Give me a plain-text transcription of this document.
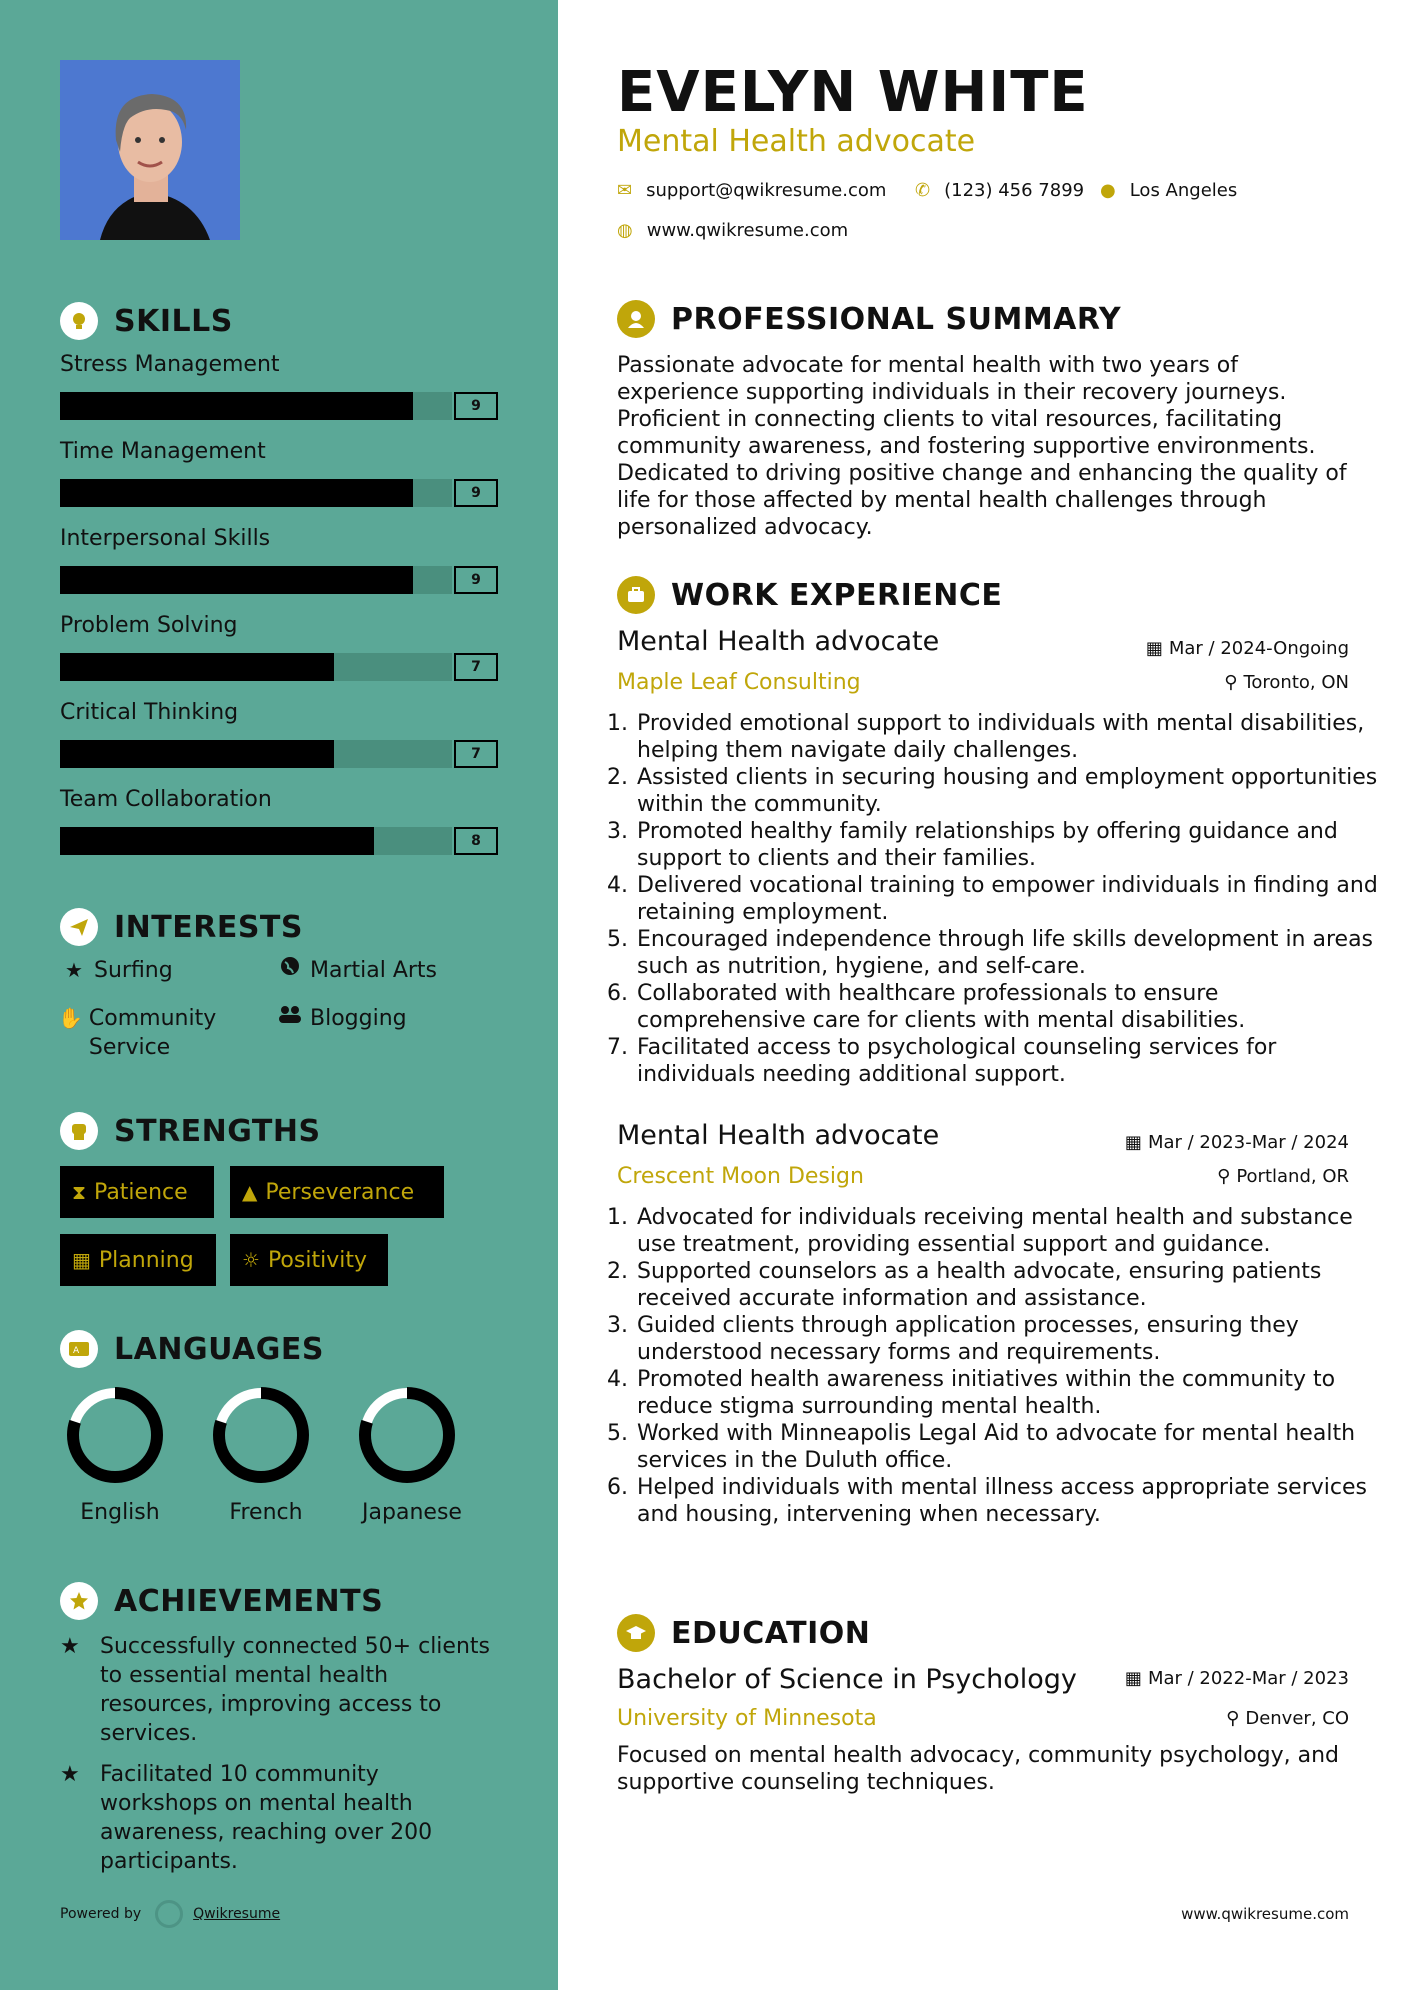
SKILLS
Stress Management
9
Time Management
9
Interpersonal Skills
9
Problem Solving
7
Critical Thinking
7
Team Collaboration
8
INTERESTS
★ Surfing	Martial Arts
✋ Community Service
Blogging
STRENGTHS
⧗ Patience	▲ Perseverance
▦ Planning ☼ Positivity
A LANGUAGES
English	French	Japanese
ACHIEVEMENTS
★ Successfully connected 50+ clients to essential mental health resources, improving access to services.
★ Facilitated 10 community workshops on mental health awareness, reaching over 200 participants.
Powered by	Qwikresume
EVELYN WHITE
Mental Health advocate
✉ support@qwikresume.com ✆ (123) 456 7899 ● Los Angeles
◍ www.qwikresume.com
PROFESSIONAL SUMMARY
Passionate advocate for mental health with two years of experience supporting individuals in their recovery journeys. Proficient in connecting clients to vital resources, facilitating community awareness, and fostering supportive environments. Dedicated to driving positive change and enhancing the quality of life for those affected by mental health challenges through personalized advocacy.
WORK EXPERIENCE
Mental Health advocate	▦ Mar / 2024-Ongoing
Maple Leaf Consulting	⚲ Toronto, ON
1. Provided emotional support to individuals with mental disabilities, helping them navigate daily challenges.
2. Assisted clients in securing housing and employment opportunities within the community.
3. Promoted healthy family relationships by offering guidance and support to clients and their families.
4. Delivered vocational training to empower individuals in finding and retaining employment.
5. Encouraged independence through life skills development in areas such as nutrition, hygiene, and self-care.
6. Collaborated with healthcare professionals to ensure comprehensive care for clients with mental disabilities.
7. Facilitated access to psychological counseling services for individuals needing additional support.
Mental Health advocate	▦ Mar / 2023-Mar / 2024
Crescent Moon Design	⚲ Portland, OR
1. Advocated for individuals receiving mental health and substance use treatment, providing essential support and guidance.
2. Supported counselors as a health advocate, ensuring patients received accurate information and assistance.
3. Guided clients through application processes, ensuring they understood necessary forms and requirements.
4. Promoted health awareness initiatives within the community to reduce stigma surrounding mental health.
5. Worked with Minneapolis Legal Aid to advocate for mental health services in the Duluth office.
6. Helped individuals with mental illness access appropriate services and housing, intervening when necessary.
EDUCATION
Bachelor of Science in Psychology	▦ Mar / 2022-Mar / 2023
University of Minnesota	⚲ Denver, CO
Focused on mental health advocacy, community psychology, and supportive counseling techniques.
www.qwikresume.com
